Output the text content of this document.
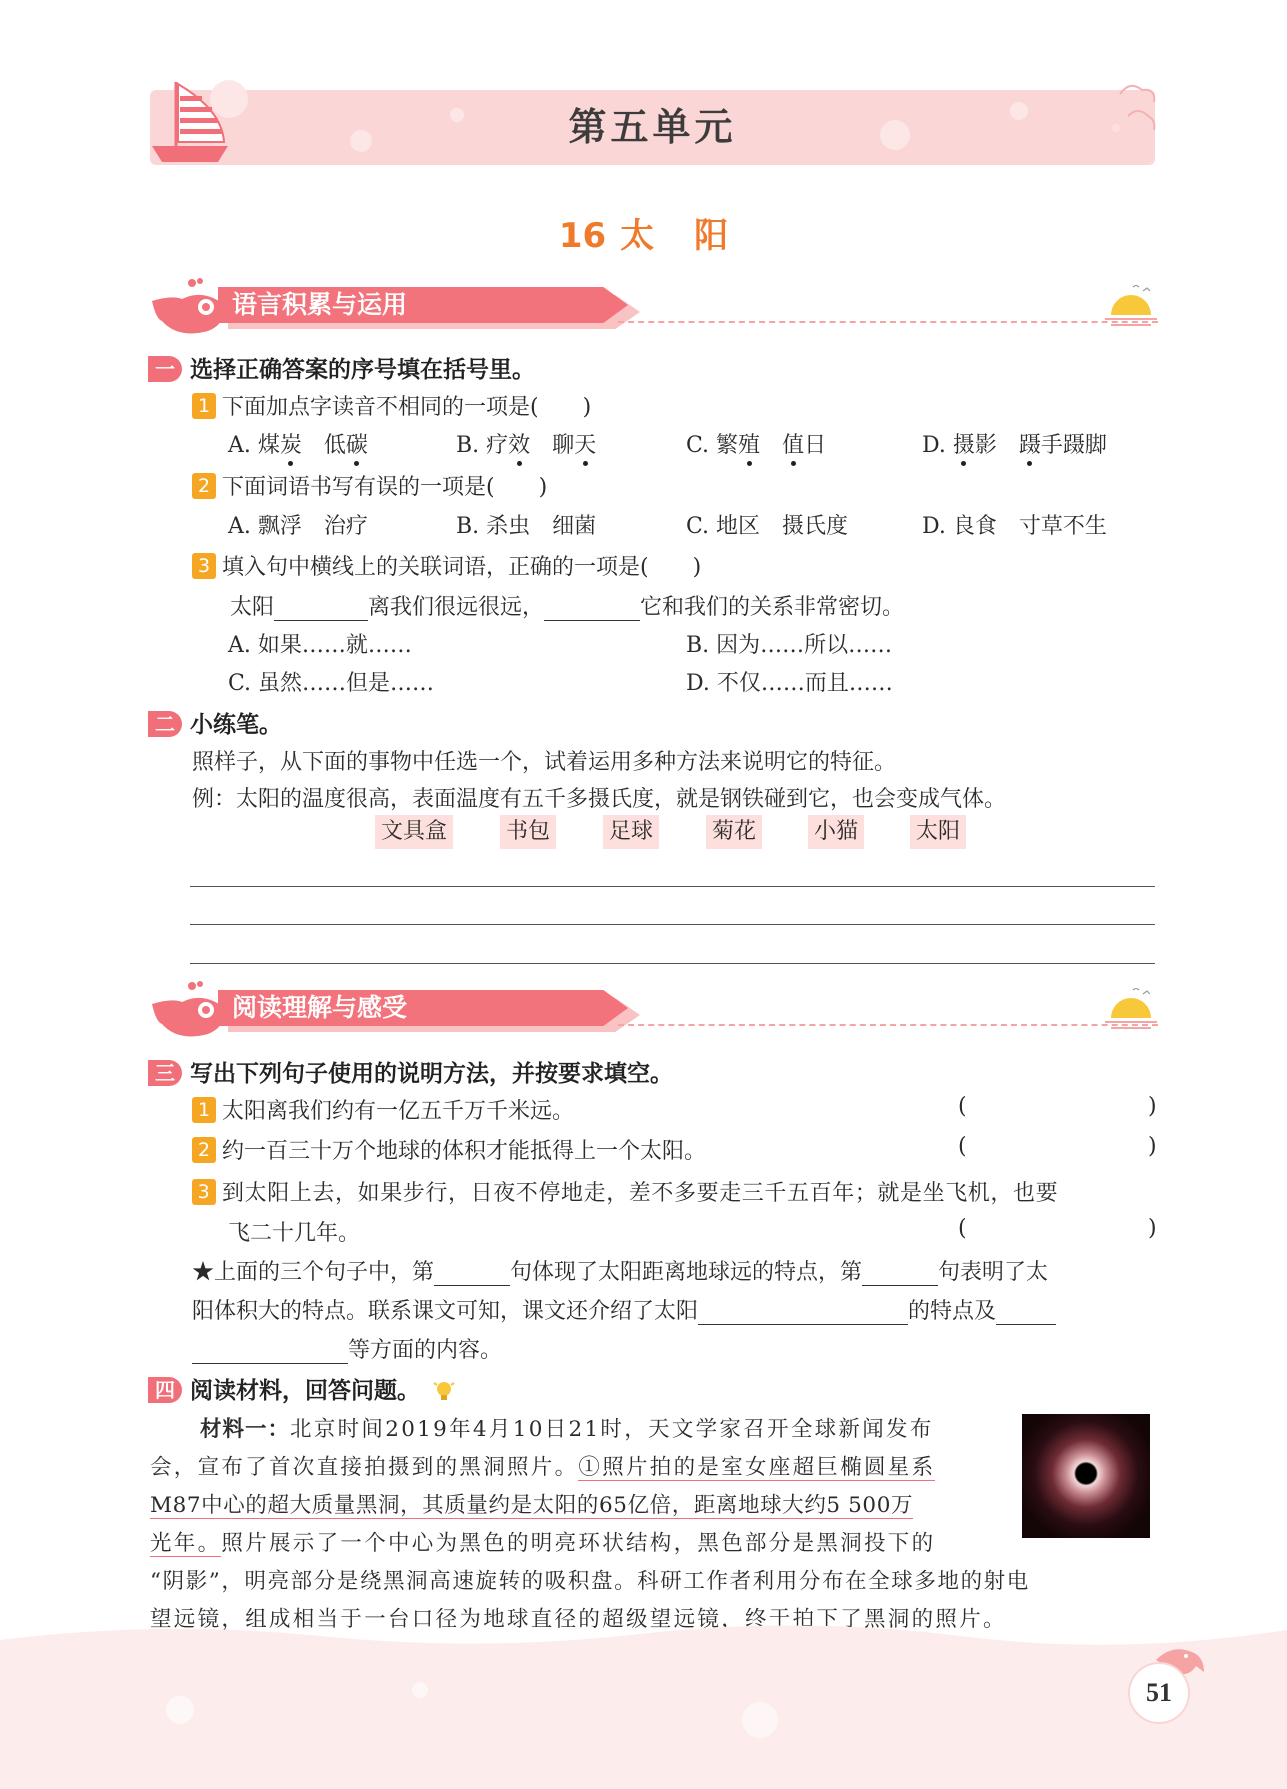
第五单元
16 太 阳
语言积累与运用
一 选择正确答案的序号填在括号里。
1 下面加点字读音不相同的一项是(　　)
A. 煤炭　低碳	B. 疗效　聊天	C. 繁殖　 值日	D. 摄影　蹑手蹑脚
2 下面词语书写有误的一项是(　　)
A. 飘浮　治疗	B. 杀虫　细菌	C. 地区　摄氏度	D. 良食　寸草不生
3 填入句中横线上的关联词语，正确的一项是(　　)
太阳	离我们很远很远，	它和我们的关系非常密切。
A. 如果……就……	B. 因为……所以……
C. 虽然……但是……	D. 不仅……而且……
二 小练笔。
照样子，从下面的事物中任选一个，试着运用多种方法来说明它的特征。
例：太阳的温度很高，表面温度有五千多摄氏度，就是钢铁碰到它，也会变成气体。
文具盒	书包	足球	菊花	小猫	太阳
阅读理解与感受
三 写出下列句子使用的说明方法，并按要求填空。
1 太阳离我们约有一亿五千万千米远。	(	)
2 约一百三十万个地球的体积才能抵得上一个太阳。	(	)
3 到太阳上去，如果步行，日夜不停地走，差不多要走三千五百年；就是坐飞机，也要
飞二十几年。	(	)
★上面的三个句子中，第	句体现了太阳距离地球远的特点，第	句表明了太
阳体积大的特点。联系课文可知，课文还介绍了太阳	的特点及
等方面的内容。
四 阅读材料，回答问题。
材料一：北京时间2019年4月10日21时，天文学家召开全球新闻发布
会，宣布了首次直接拍摄到的黑洞照片。①照片拍的是室女座超巨椭圆星系
M87中心的超大质量黑洞，其质量约是太阳的65亿倍，距离地球大约5 500万
光年。照片展示了一个中心为黑色的明亮环状结构，黑色部分是黑洞投下的
“阴影”，明亮部分是绕黑洞高速旋转的吸积盘。科研工作者利用分布在全球多地的射电
望远镜，组成相当于一台口径为地球直径的超级望远镜，终于拍下了黑洞的照片。
51
